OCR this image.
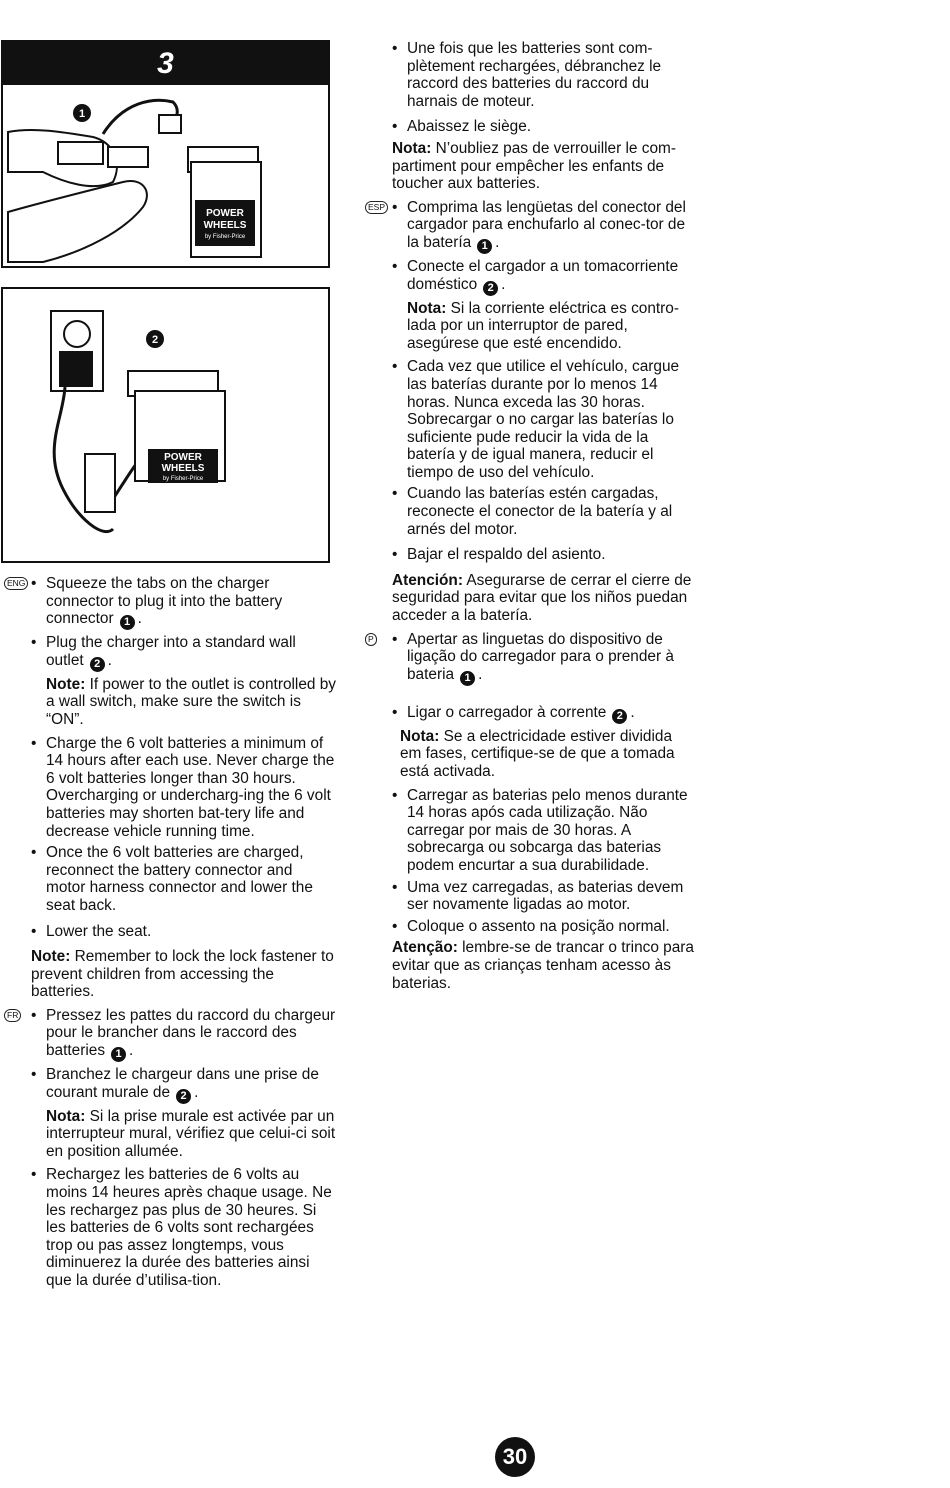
3
POWER
WHEELS
by Fisher-Price
1
POWER
WHEELS
by Fisher-Price
2
ENG • Squeeze the tabs on the charger connector to plug it into the battery connector 1 .
• Plug the charger into a standard wall outlet 2 .
Note: If power to the outlet is controlled by a wall switch, make sure the switch is “ON”.
• Charge the 6 volt batteries a minimum of 14 hours after each use. Never charge the 6 volt batteries longer than 30 hours. Overcharging or undercharg-ing the 6 volt batteries may shorten bat-tery life and decrease vehicle running time.
• Once the 6 volt batteries are charged, reconnect the battery connector and motor harness connector and lower the seat back.
• Lower the seat.
Note: Remember to lock the lock fastener to prevent children from accessing the batteries.
FR • Pressez les pattes du raccord du chargeur pour le brancher dans le raccord des batteries 1 .
• Branchez le chargeur dans une prise de courant murale de 2 .
Nota: Si la prise murale est activée par un interrupteur mural, vérifiez que celui-ci soit en position allumée.
• Rechargez les batteries de 6 volts au moins 14 heures après chaque usage. Ne les rechargez pas plus de 30 heures. Si les batteries de 6 volts sont rechargées trop ou pas assez longtemps, vous diminuerez la durée des batteries ainsi que la durée d’utilisa-tion.
• Une fois que les batteries sont com-plètement rechargées, débranchez le raccord des batteries du raccord du harnais de moteur.
• Abaissez le siège.
Nota: N’oubliez pas de verrouiller le com-partiment pour empêcher les enfants de toucher aux batteries.
ESP • Comprima las lengüetas del conector del cargador para enchufarlo al conec-tor de la batería 1 .
• Conecte el cargador a un tomacorriente doméstico 2 .
Nota: Si la corriente eléctrica es contro-lada por un interruptor de pared, asegúrese que esté encendido.
• Cada vez que utilice el vehículo, cargue las baterías durante por lo menos 14 horas. Nunca exceda las 30 horas. Sobrecargar o no cargar las baterías lo suficiente pude reducir la vida de la batería y de igual manera, reducir el tiempo de uso del vehículo.
• Cuando las baterías estén cargadas, reconecte el conector de la batería y al arnés del motor.
• Bajar el respaldo del asiento.
Atención: Asegurarse de cerrar el cierre de seguridad para evitar que los niños puedan acceder a la batería.
P • Apertar as linguetas do dispositivo de ligação do carregador para o prender à bateria 1 .
• Ligar o carregador à corrente 2 .
Nota: Se a electricidade estiver dividida em fases, certifique-se de que a tomada está activada.
• Carregar as baterias pelo menos durante 14 horas após cada utilização. Não carregar por mais de 30 horas. A sobrecarga ou sobcarga das baterias podem encurtar a sua durabilidade.
• Uma vez carregadas, as baterias devem ser novamente ligadas ao motor.
• Coloque o assento na posição normal.
Atenção: lembre-se de trancar o trinco para evitar que as crianças tenham acesso às baterias.
30
